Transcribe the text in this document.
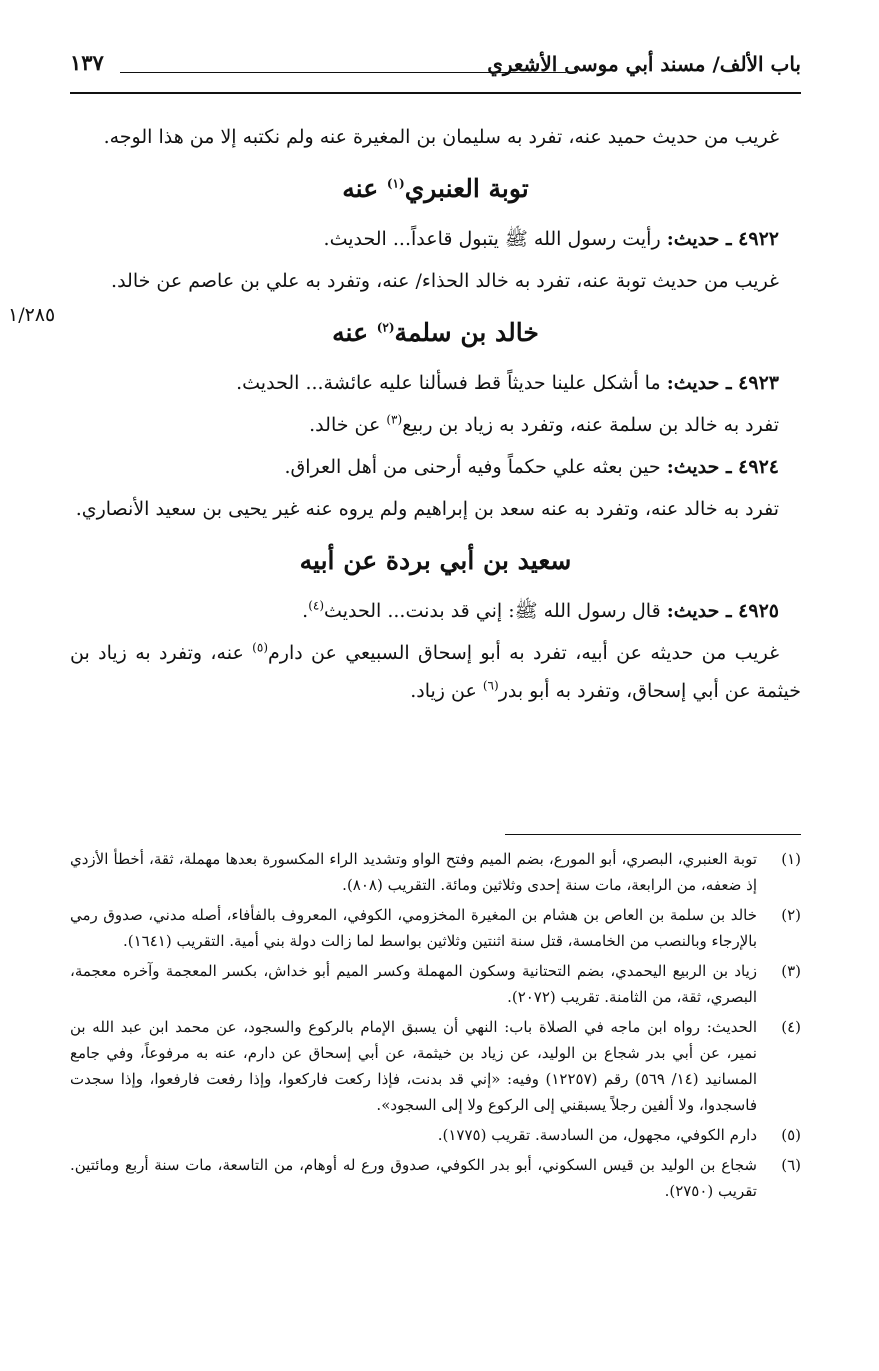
باب الألف/ مسند أبي موسى الأشعري
١٣٧
١/٢٨٥

غريب من حديث حميد عنه، تفرد به سليمان بن المغيرة عنه ولم نكتبه إلا من هذا الوجه.

توبة العنبري$^{(١)}$ عنه

٤٩٢٢ ـ حديث: رأيت رسول الله ﷺ يتبول قاعداً... الحديث.

غريب من حديث توبة عنه، تفرد به خالد الحذاء/ عنه، وتفرد به علي بن عاصم عن خالد.

خالد بن سلمة$^{(٢)}$ عنه

٤٩٢٣ ـ حديث: ما أشكل علينا حديثاً قط فسألنا عليه عائشة... الحديث.

تفرد به خالد بن سلمة عنه، وتفرد به زياد بن ربيع$^{(٣)}$ عن خالد.

٤٩٢٤ ـ حديث: حين بعثه علي حكماً وفيه أرحنى من أهل العراق.

تفرد به خالد عنه، وتفرد به عنه سعد بن إبراهيم ولم يروه عنه غير يحيى بن سعيد الأنصاري.

سعيد بن أبي بردة عن أبيه

٤٩٢٥ ـ حديث: قال رسول الله ﷺ: إني قد بدنت... الحديث$^{(٤)}$.

غريب من حديثه عن أبيه، تفرد به أبو إسحاق السبيعي عن دارم$^{(٥)}$ عنه، وتفرد به زياد بن خيثمة عن أبي إسحاق، وتفرد به أبو بدر$^{(٦)}$ عن زياد.

(١)
توبة العنبري، البصري، أبو المورع، بضم الميم وفتح الواو وتشديد الراء المكسورة بعدها مهملة، ثقة، أخطأ الأزدي إذ ضعفه، من الرابعة، مات سنة إحدى وثلاثين ومائة. التقريب (٨٠٨).
(٢)
خالد بن سلمة بن العاص بن هشام بن المغيرة المخزومي، الكوفي، المعروف بالفأفاء، أصله مدني، صدوق رمي بالإرجاء وبالنصب من الخامسة، قتل سنة اثنتين وثلاثين بواسط لما زالت دولة بني أمية. التقريب (١٦٤١).
(٣)
زياد بن الربيع اليحمدي، بضم التحتانية وسكون المهملة وكسر الميم أبو خداش، بكسر المعجمة وآخره معجمة، البصري، ثقة، من الثامنة. تقريب (٢٠٧٢).
(٤)
الحديث: رواه ابن ماجه في الصلاة باب: النهي أن يسبق الإمام بالركوع والسجود، عن محمد ابن عبد الله بن نمير، عن أبي بدر شجاع بن الوليد، عن زياد بن خيثمة، عن أبي إسحاق عن دارم، عنه به مرفوعاً، وفي جامع المسانيد (١٤/ ٥٦٩) رقم (١٢٢٥٧) وفيه: «إني قد بدنت، فإذا ركعت فاركعوا، وإذا رفعت فارفعوا، وإذا سجدت فاسجدوا، ولا ألفين رجلاً يسبقني إلى الركوع ولا إلى السجود».
(٥)
دارم الكوفي، مجهول، من السادسة. تقريب (١٧٧٥).
(٦)
شجاع بن الوليد بن قيس السكوني، أبو بدر الكوفي، صدوق ورع له أوهام، من التاسعة، مات سنة أربع ومائتين. تقريب (٢٧٥٠).
